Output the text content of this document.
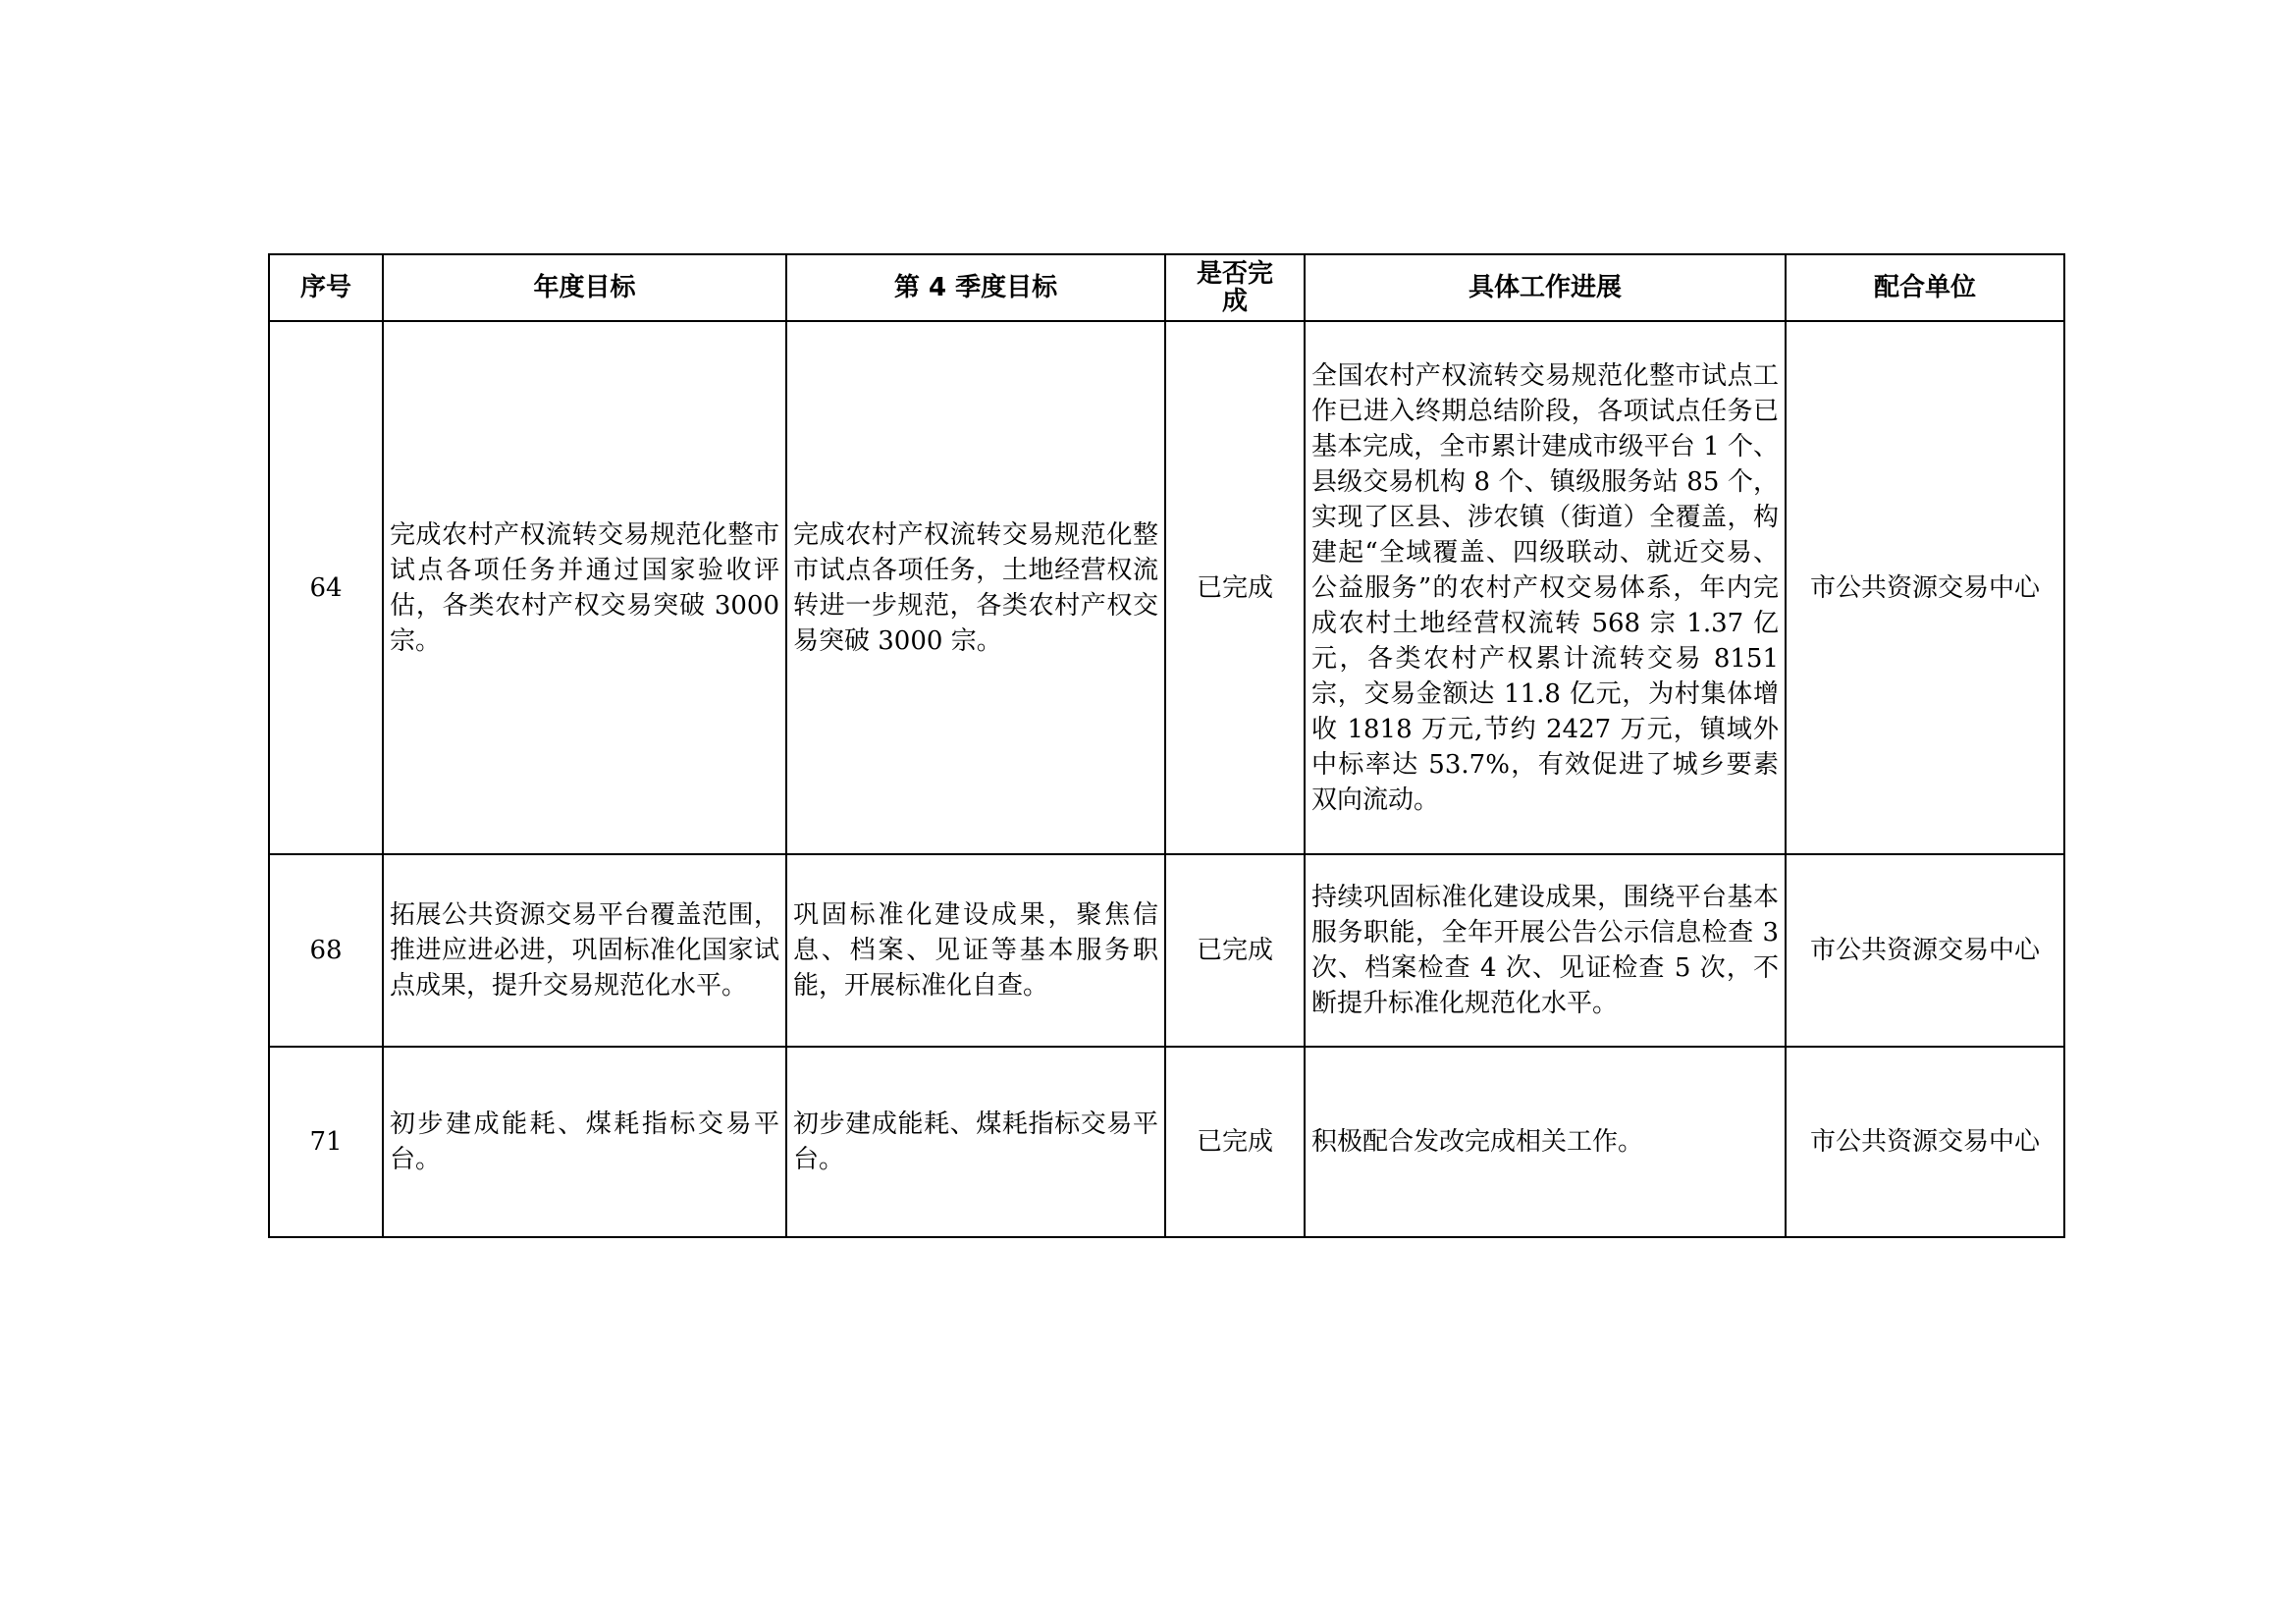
序号	年度目标	第 4 季度目标	是否完成	具体工作进展	配合单位
64	完成农村产权流转交易规范化整市试点各项任务并通过国家验收评估，各类农村产权交易突破 3000 宗。	完成农村产权流转交易规范化整市试点各项任务，土地经营权流转进一步规范，各类农村产权交易突破 3000 宗。	已完成	全国农村产权流转交易规范化整市试点工作已进入终期总结阶段，各项试点任务已基本完成，全市累计建成市级平台 1 个、县级交易机构 8 个、镇级服务站 85 个，实现了区县、涉农镇（街道）全覆盖，构建起“全域覆盖、四级联动、就近交易、公益服务”的农村产权交易体系，年内完成农村土地经营权流转 568 宗 1.37 亿元，各类农村产权累计流转交易 8151 宗，交易金额达 11.8 亿元，为村集体增收 1818 万元,节约 2427 万元，镇域外中标率达 53.7%，有效促进了城乡要素双向流动。	市公共资源交易中心
68	拓展公共资源交易平台覆盖范围，推进应进必进，巩固标准化国家试点成果，提升交易规范化水平。	巩固标准化建设成果，聚焦信息、档案、见证等基本服务职能，开展标准化自查。	已完成	持续巩固标准化建设成果，围绕平台基本服务职能，全年开展公告公示信息检查 3 次、档案检查 4 次、见证检查 5 次，不断提升标准化规范化水平。	市公共资源交易中心
71	初步建成能耗、煤耗指标交易平台。	初步建成能耗、煤耗指标交易平台。	已完成	积极配合发改完成相关工作。	市公共资源交易中心
